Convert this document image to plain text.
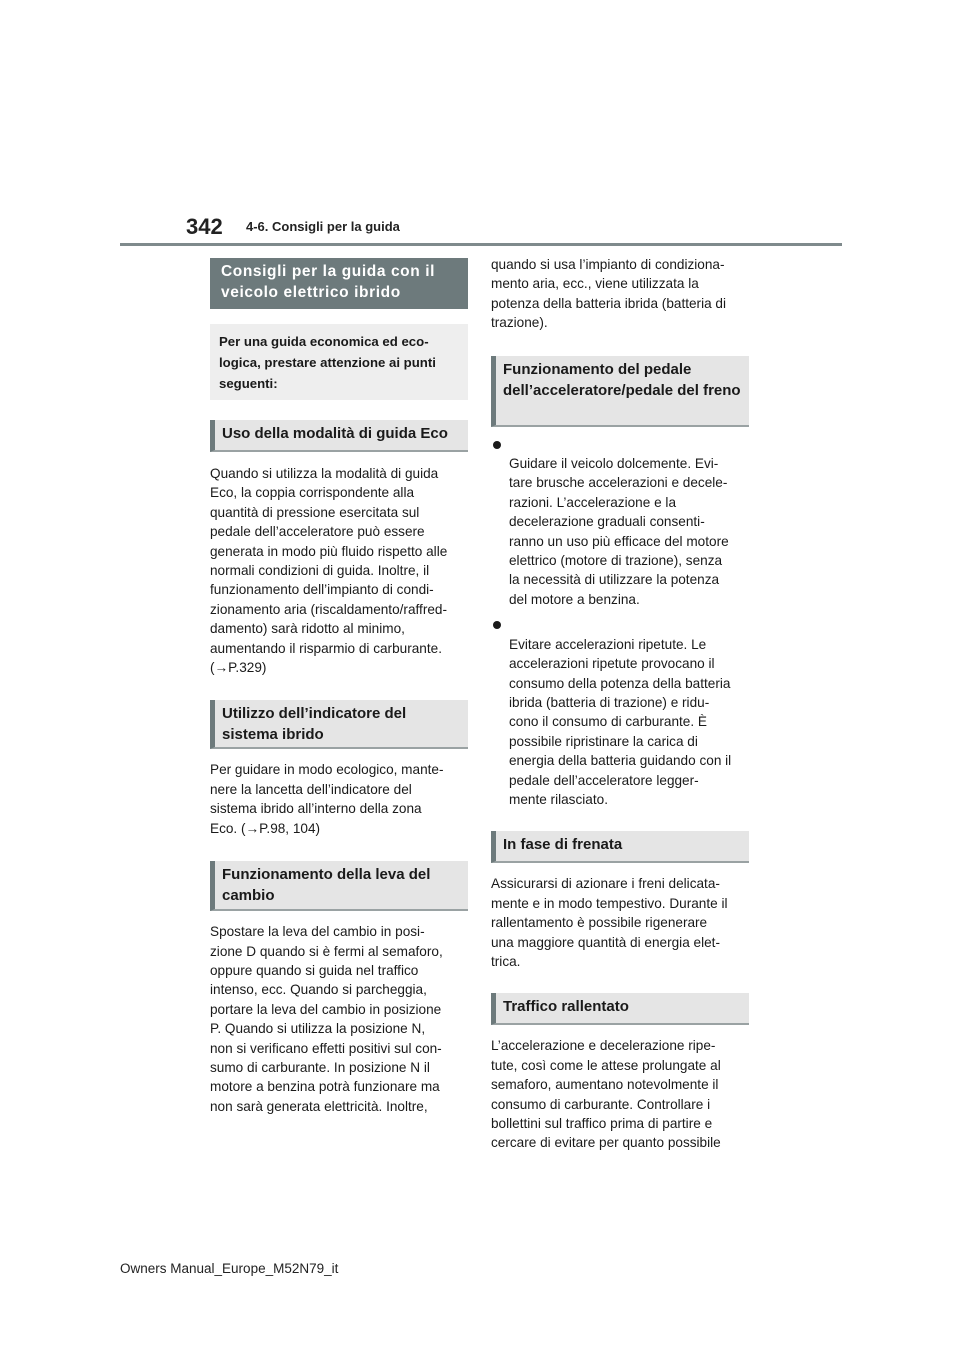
342 4-6. Consigli per la guida
Consigli per la guida con il veicolo elettrico ibrido

Per una guida economica ed eco-
logica, prestare attenzione ai punti
seguenti:

Uso della modalità di guida Eco

Quando si utilizza la modalità di guida
Eco, la coppia corrispondente alla
quantità di pressione esercitata sul
pedale dell’acceleratore può essere
generata in modo più fluido rispetto alle
normali condizioni di guida. Inoltre, il
funzionamento dell’impianto di condi-
zionamento aria (riscaldamento/raffred-
damento) sarà ridotto al minimo,
aumentando il risparmio di carburante.
(→P.329)

Utilizzo dell’indicatore del sistema ibrido

Per guidare in modo ecologico, mante-
nere la lancetta dell’indicatore del
sistema ibrido all’interno della zona
Eco. (→P.98, 104)

Funzionamento della leva del cambio

Spostare la leva del cambio in posi-
zione D quando si è fermi al semaforo,
oppure quando si guida nel traffico
intenso, ecc. Quando si parcheggia,
portare la leva del cambio in posizione
P. Quando si utilizza la posizione N,
non si verificano effetti positivi sul con-
sumo di carburante. In posizione N il
motore a benzina potrà funzionare ma
non sarà generata elettricità. Inoltre,

quando si usa l’impianto di condiziona-
mento aria, ecc., viene utilizzata la
potenza della batteria ibrida (batteria di
trazione).

Funzionamento del pedale dell’acceleratore/pedale del freno

Guidare il veicolo dolcemente. Evi-
tare brusche accelerazioni e decele-
razioni. L’accelerazione e la
decelerazione graduali consenti-
ranno un uso più efficace del motore
elettrico (motore di trazione), senza
la necessità di utilizzare la potenza
del motore a benzina.

Evitare accelerazioni ripetute. Le
accelerazioni ripetute provocano il
consumo della potenza della batteria
ibrida (batteria di trazione) e ridu-
cono il consumo di carburante. È
possibile ripristinare la carica di
energia della batteria guidando con il
pedale dell’acceleratore legger-
mente rilasciato.

In fase di frenata

Assicurarsi di azionare i freni delicata-
mente e in modo tempestivo. Durante il
rallentamento è possibile rigenerare
una maggiore quantità di energia elet-
trica.

Traffico rallentato

L’accelerazione e decelerazione ripe-
tute, così come le attese prolungate al
semaforo, aumentano notevolmente il
consumo di carburante. Controllare i
bollettini sul traffico prima di partire e
cercare di evitare per quanto possibile

Owners Manual_Europe_M52N79_it
